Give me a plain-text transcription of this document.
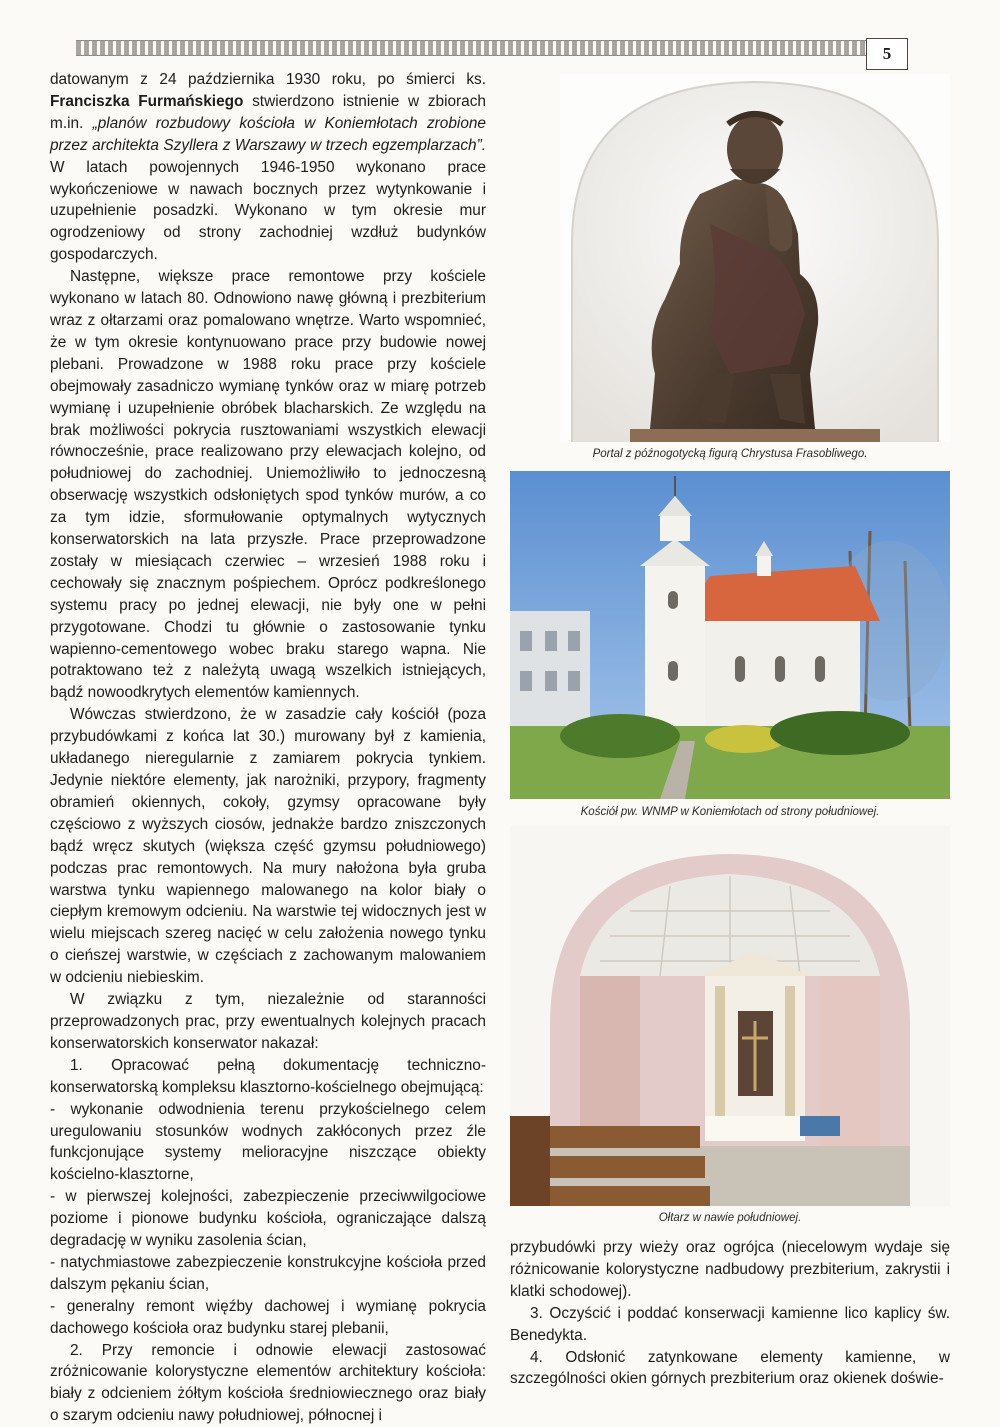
5

datowanym z 24 października 1930 roku, po śmierci ks. Franciszka Furmańskiego stwierdzono istnienie w zbiorach m.in. „planów rozbudowy kościoła w Koniemłotach zrobione przez architekta Szyllera z Warszawy w trzech egzemplarzach”. W latach powojennych 1946-1950 wykonano prace wykończeniowe w nawach bocznych przez wytynkowanie i uzupełnienie posadzki. Wykonano w tym okresie mur ogrodzeniowy od strony zachodniej wzdłuż budynków gospodarczych.

Następne, większe prace remontowe przy kościele wykonano w latach 80. Odnowiono nawę główną i prezbiterium wraz z ołtarzami oraz pomalowano wnętrze. Warto wspomnieć, że w tym okresie kontynuowano prace przy budowie nowej plebani. Prowadzone w 1988 roku prace przy kościele obejmowały zasadniczo wymianę tynków oraz w miarę potrzeb wymianę i uzupełnienie obróbek blacharskich. Ze względu na brak możliwości pokrycia rusztowaniami wszystkich elewacji równocześnie, prace realizowano przy elewacjach kolejno, od południowej do zachodniej. Uniemożliwiło to jednoczesną obserwację wszystkich odsłoniętych spod tynków murów, a co za tym idzie, sformułowanie optymalnych wytycznych konserwatorskich na lata przyszłe. Prace przeprowadzone zostały w miesiącach czerwiec – wrzesień 1988 roku i cechowały się znacznym pośpiechem. Oprócz podkreślonego systemu pracy po jednej elewacji, nie były one w pełni przygotowane. Chodzi tu głównie o zastosowanie tynku wapienno-cementowego wobec braku starego wapna. Nie potraktowano też z należytą uwagą wszelkich istniejących, bądź nowoodkrytych elementów kamiennych.

Wówczas stwierdzono, że w zasadzie cały kościół (poza przybudówkami z końca lat 30.) murowany był z kamienia, układanego nieregularnie z zamiarem pokrycia tynkiem. Jedynie niektóre elementy, jak narożniki, przypory, fragmenty obramień okiennych, cokoły, gzymsy opracowane były częściowo z wyższych ciosów, jednakże bardzo zniszczonych bądź wręcz skutych (większa część gzymsu południowego) podczas prac remontowych. Na mury nałożona była gruba warstwa tynku wapiennego malowanego na kolor biały o ciepłym kremowym odcieniu. Na warstwie tej widocznych jest w wielu miejscach szereg nacięć w celu założenia nowego tynku o cieńszej warstwie, w częściach z zachowanym malowaniem w odcieniu niebieskim.

W związku z tym, niezależnie od staranności przeprowadzonych prac, przy ewentualnych kolejnych pracach konserwatorskich konserwator nakazał:

1. Opracować pełną dokumentację techniczno-konserwatorską kompleksu klasztorno-kościelnego obejmującą:

- wykonanie odwodnienia terenu przykościelnego celem uregulowaniu stosunków wodnych zakłóconych przez źle funkcjonujące systemy melioracyjne niszczące obiekty kościelno-klasztorne,

- w pierwszej kolejności, zabezpieczenie przeciwwilgociowe poziome i pionowe budynku kościoła, ograniczające dalszą degradację w wyniku zasolenia ścian,

- natychmiastowe zabezpieczenie konstrukcyjne kościoła przed dalszym pękaniu ścian,

- generalny remont więźby dachowej i wymianę pokrycia dachowego kościoła oraz budynku starej plebanii,

2. Przy remoncie i odnowie elewacji zastosować zróżnicowanie kolorystyczne elementów architektury kościoła: biały z odcieniem żółtym kościoła średniowiecznego oraz biały o szarym odcieniu nawy południowej, północnej i

Portal z późnogotycką figurą Chrystusa Frasobliwego.
Kościół pw. WNMP w Koniemłotach od strony południowej.
Ołtarz w nawie południowej.

przybudówki przy wieży oraz ogrójca (niecelowym wydaje się różnicowanie kolorystyczne nadbudowy prezbiterium, zakrystii i klatki schodowej).

3. Oczyścić i poddać konserwacji kamienne lico kaplicy św. Benedykta.

4. Odsłonić zatynkowane elementy kamienne, w szczególności okien górnych prezbiterium oraz okienek doświe-
